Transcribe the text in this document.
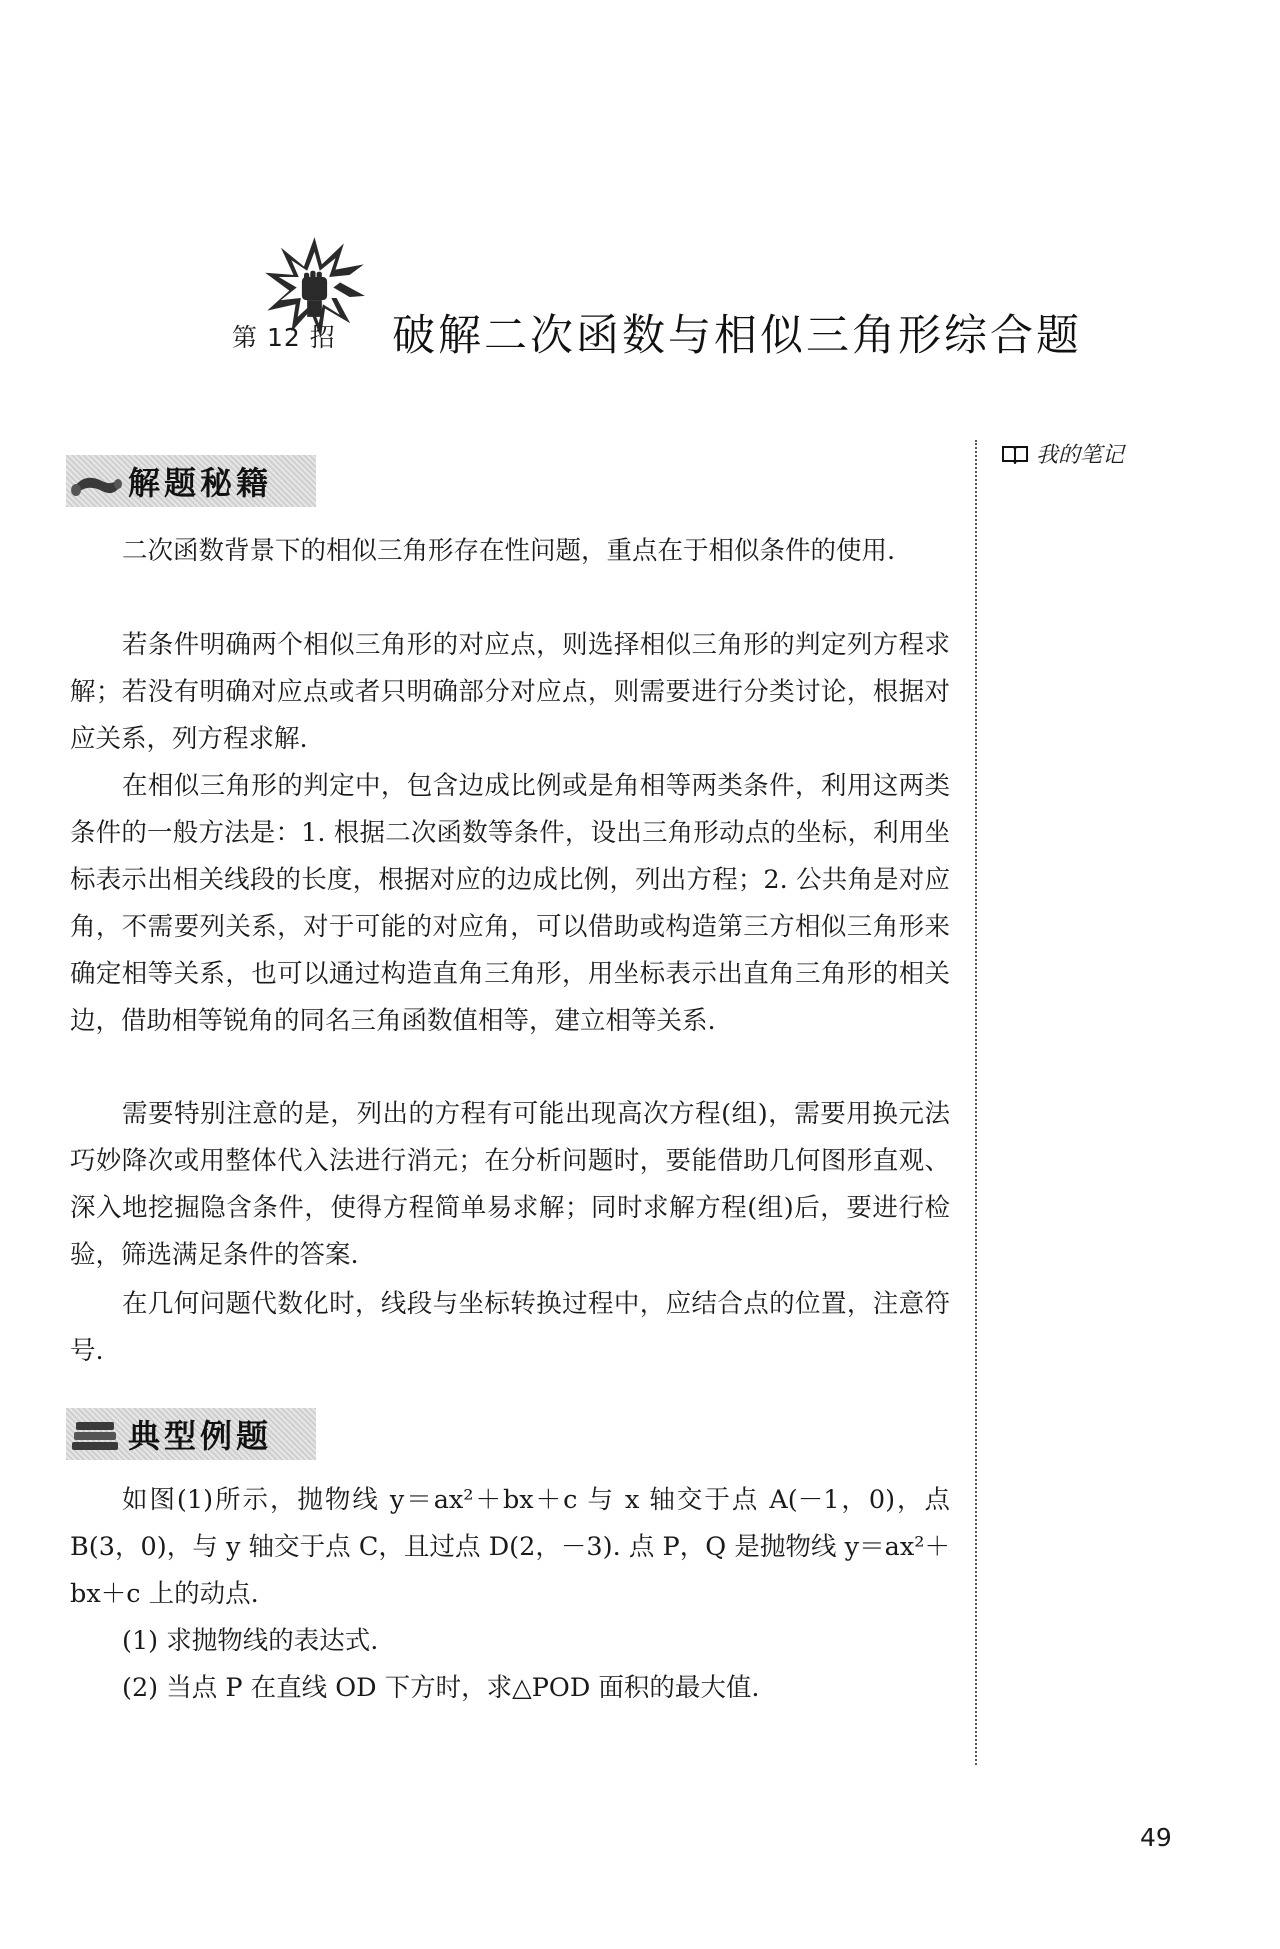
第 12 招 破解二次函数与相似三角形综合题
我的笔记
解题秘籍

二次函数背景下的相似三角形存在性问题，重点在于相似条件的使用.

若条件明确两个相似三角形的对应点，则选择相似三角形的判定列方程求解；若没有明确对应点或者只明确部分对应点，则需要进行分类讨论，根据对应关系，列方程求解.

在相似三角形的判定中，包含边成比例或是角相等两类条件，利用这两类条件的一般方法是：1. 根据二次函数等条件，设出三角形动点的坐标，利用坐标表示出相关线段的长度，根据对应的边成比例，列出方程；2. 公共角是对应角，不需要列关系，对于可能的对应角，可以借助或构造第三方相似三角形来确定相等关系，也可以通过构造直角三角形，用坐标表示出直角三角形的相关边，借助相等锐角的同名三角函数值相等，建立相等关系.

需要特别注意的是，列出的方程有可能出现高次方程(组)，需要用换元法巧妙降次或用整体代入法进行消元；在分析问题时，要能借助几何图形直观、深入地挖掘隐含条件，使得方程简单易求解；同时求解方程(组)后，要进行检验，筛选满足条件的答案.

在几何问题代数化时，线段与坐标转换过程中，应结合点的位置，注意符号.

典型例题

如图(1)所示，抛物线 y＝ax²＋bx＋c 与 x 轴交于点 A(－1，0)，点 B(3，0)，与 y 轴交于点 C，且过点 D(2，－3). 点 P，Q 是抛物线 y＝ax²＋bx＋c 上的动点.

(1) 求抛物线的表达式.

(2) 当点 P 在直线 OD 下方时，求△POD 面积的最大值.

49
